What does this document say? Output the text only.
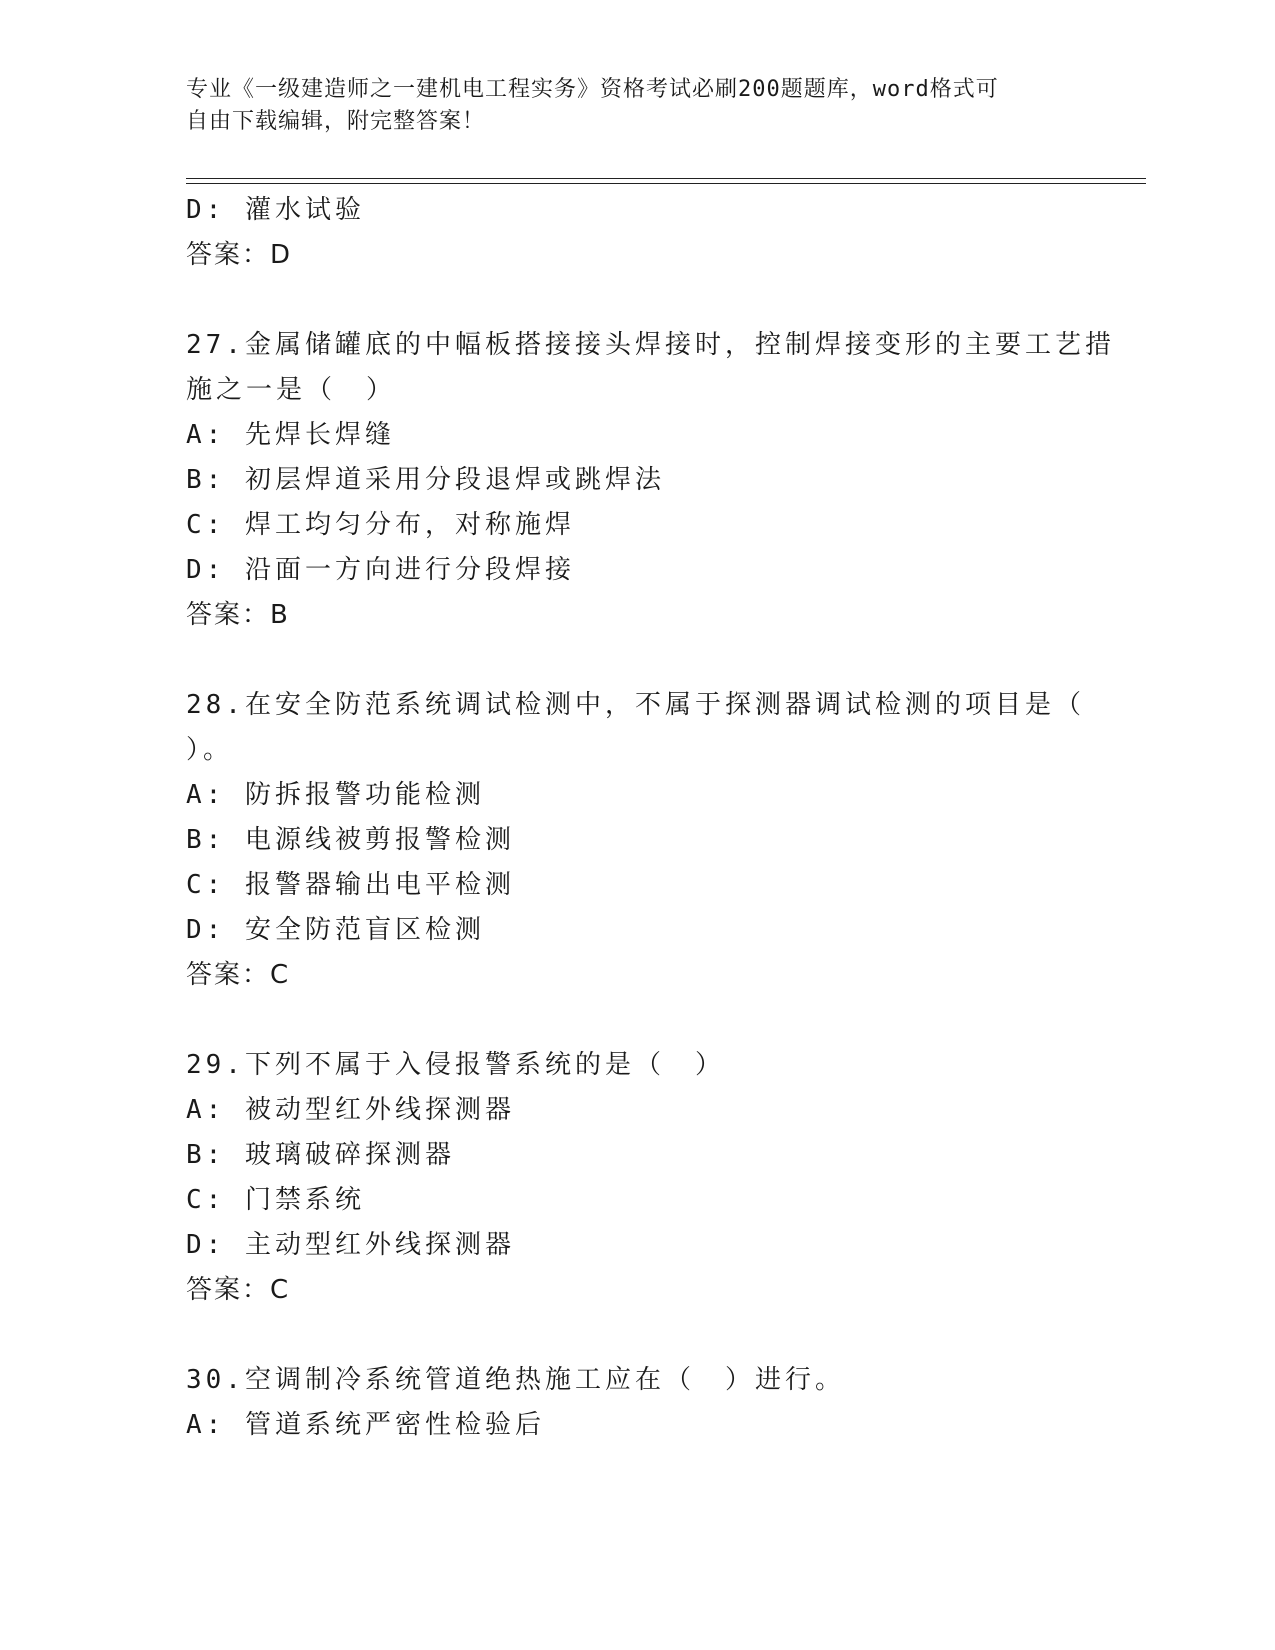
专业《一级建造师之一建机电工程实务》资格考试必刷200题题库，word格式可
自由下载编辑，附完整答案！
D: 灌水试验
答案：D
27.金属储罐底的中幅板搭接接头焊接时，控制焊接变形的主要工艺措
施之一是（　）
A: 先焊长焊缝
B: 初层焊道采用分段退焊或跳焊法
C: 焊工均匀分布，对称施焊
D: 沿面一方向进行分段焊接
答案：B
28.在安全防范系统调试检测中，不属于探测器调试检测的项目是（
）。
A: 防拆报警功能检测
B: 电源线被剪报警检测
C: 报警器输出电平检测
D: 安全防范盲区检测
答案：C
29.下列不属于入侵报警系统的是（　）
A: 被动型红外线探测器
B: 玻璃破碎探测器
C: 门禁系统
D: 主动型红外线探测器
答案：C
30.空调制冷系统管道绝热施工应在（　）进行。
A: 管道系统严密性检验后
